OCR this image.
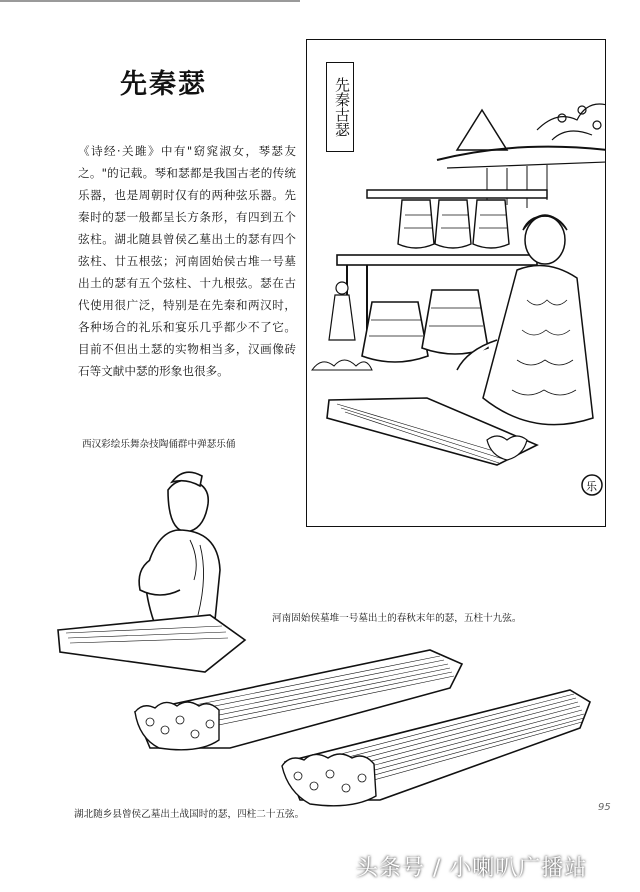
先秦瑟
《诗经·关雎》中有"窈窕淑女，琴瑟友之。"的记载。琴和瑟都是我国古老的传统乐器，也是周朝时仅有的两种弦乐器。先秦时的瑟一般都呈长方条形，有四到五个弦柱。湖北随县曾侯乙墓出土的瑟有四个弦柱、廿五根弦；河南固始侯古堆一号墓出土的瑟有五个弦柱、十九根弦。瑟在古代使用很广泛，特别是在先秦和两汉时，各种场合的礼乐和宴乐几乎都少不了它。目前不但出土瑟的实物相当多，汉画像砖石等文献中瑟的形象也很多。
乐
先秦古瑟
西汉彩绘乐舞杂技陶俑群中弹瑟乐俑
河南固始侯墓堆一号墓出土的春秋末年的瑟，五柱十九弦。
湖北随乡县曾侯乙墓出土战国时的瑟，四柱二十五弦。
95
头条号 / 小喇叭广播站
